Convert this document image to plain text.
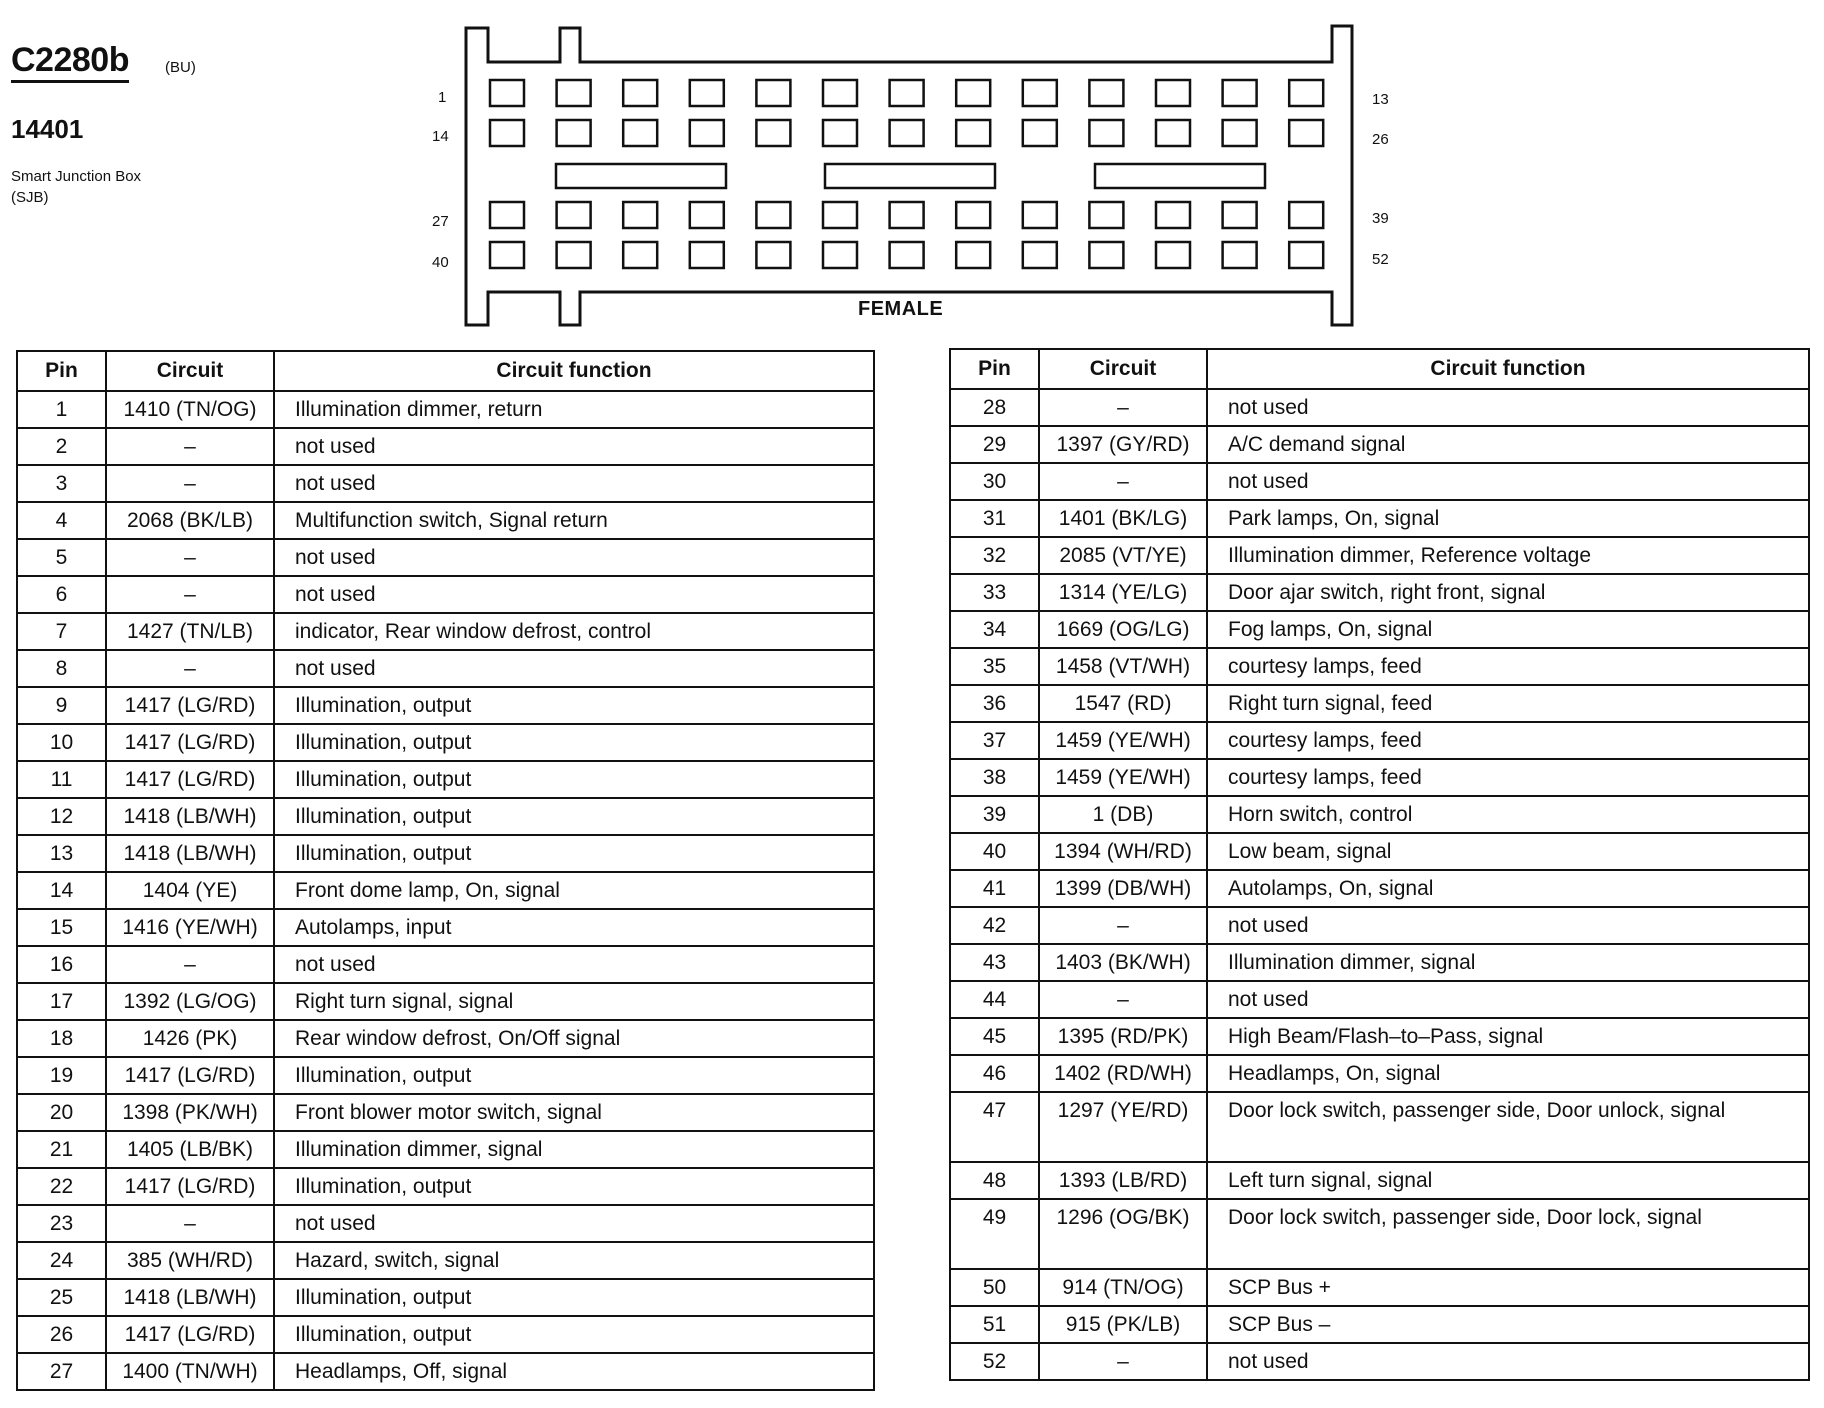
C2280b (BU)
14401
Smart Junction Box
(SJB)
1	13
14	26
27	39
40	52
FEMALE
Pin	Circuit	Circuit function
1	1410 (TN/OG)	Illumination dimmer, return
2	–	not used
3	–	not used
4	2068 (BK/LB)	Multifunction switch, Signal return
5	–	not used
6	–	not used
7	1427 (TN/LB)	indicator, Rear window defrost, control
8	–	not used
9	1417 (LG/RD)	Illumination, output
10	1417 (LG/RD)	Illumination, output
11	1417 (LG/RD)	Illumination, output
12	1418 (LB/WH)	Illumination, output
13	1418 (LB/WH)	Illumination, output
14	1404 (YE)	Front dome lamp, On, signal
15	1416 (YE/WH)	Autolamps, input
16	–	not used
17	1392 (LG/OG)	Right turn signal, signal
18	1426 (PK)	Rear window defrost, On/Off signal
19	1417 (LG/RD)	Illumination, output
20	1398 (PK/WH)	Front blower motor switch, signal
21	1405 (LB/BK)	Illumination dimmer, signal
22	1417 (LG/RD)	Illumination, output
23	–	not used
24	385 (WH/RD)	Hazard, switch, signal
25	1418 (LB/WH)	Illumination, output
26	1417 (LG/RD)	Illumination, output
27	1400 (TN/WH)	Headlamps, Off, signal
Pin	Circuit	Circuit function
28	–	not used
29	1397 (GY/RD)	A/C demand signal
30	–	not used
31	1401 (BK/LG)	Park lamps, On, signal
32	2085 (VT/YE)	Illumination dimmer, Reference voltage
33	1314 (YE/LG)	Door ajar switch, right front, signal
34	1669 (OG/LG)	Fog lamps, On, signal
35	1458 (VT/WH)	courtesy lamps, feed
36	1547 (RD)	Right turn signal, feed
37	1459 (YE/WH)	courtesy lamps, feed
38	1459 (YE/WH)	courtesy lamps, feed
39	1 (DB)	Horn switch, control
40	1394 (WH/RD)	Low beam, signal
41	1399 (DB/WH)	Autolamps, On, signal
42	–	not used
43	1403 (BK/WH)	Illumination dimmer, signal
44	–	not used
45	1395 (RD/PK)	High Beam/Flash–to–Pass, signal
46	1402 (RD/WH)	Headlamps, On, signal
47	1297 (YE/RD)	Door lock switch, passenger side, Door unlock, signal
48	1393 (LB/RD)	Left turn signal, signal
49	1296 (OG/BK)	Door lock switch, passenger side, Door lock, signal
50	914 (TN/OG)	SCP Bus +
51	915 (PK/LB)	SCP Bus –
52	–	not used
